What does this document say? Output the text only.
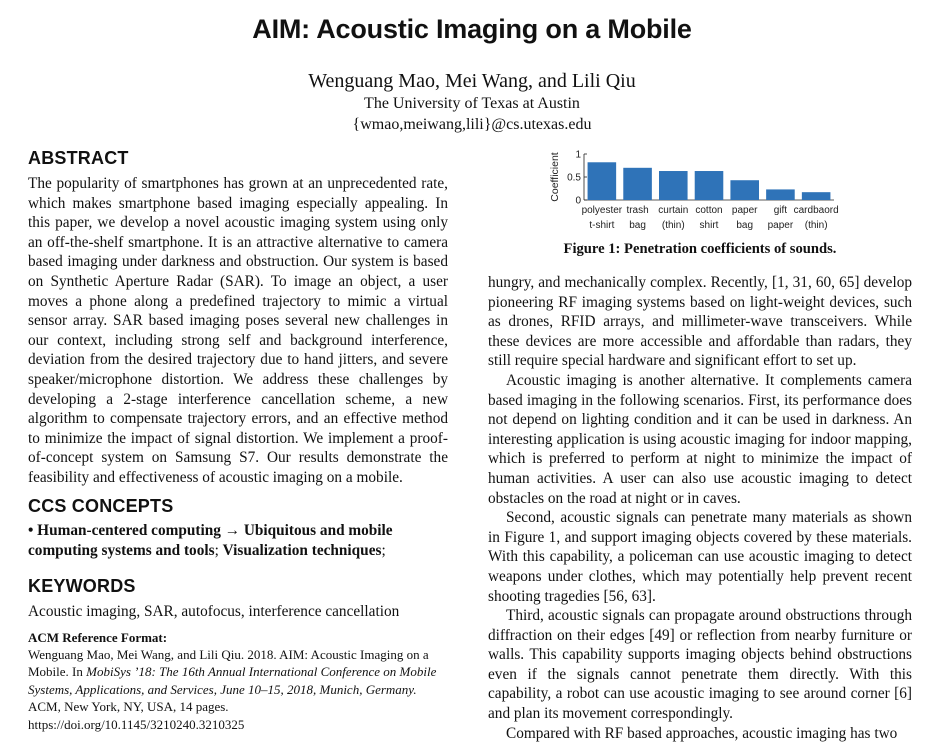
AIM: Acoustic Imaging on a Mobile
Wenguang Mao, Mei Wang, and Lili Qiu
The University of Texas at Austin
{wmao,meiwang,lili}@cs.utexas.edu
ABSTRACT

The popularity of smartphones has grown at an unprecedented rate, which makes smartphone based imaging especially appealing. In this paper, we develop a novel acoustic imaging system using only an off-the-shelf smartphone. It is an attractive alternative to camera based imaging under darkness and obstruction. Our system is based on Synthetic Aperture Radar (SAR). To image an object, a user moves a phone along a predefined trajectory to mimic a virtual sensor array. SAR based imaging poses several new challenges in our context, including strong self and background interference, deviation from the desired trajectory due to hand jitters, and severe speaker/microphone distortion. We address these challenges by developing a 2-stage interference cancellation scheme, a new algorithm to compensate trajectory errors, and an effective method to minimize the impact of signal distortion. We implement a proof-of-concept system on Samsung S7. Our results demonstrate the feasibility and effectiveness of acoustic imaging on a mobile.

CCS CONCEPTS

• Human-centered computing → Ubiquitous and mobile computing systems and tools; Visualization techniques;

KEYWORDS

Acoustic imaging, SAR, autofocus, interference cancellation

ACM Reference Format:

Wenguang Mao, Mei Wang, and Lili Qiu. 2018. AIM: Acoustic Imaging on a Mobile. In MobiSys ’18: The 16th Annual International Conference on Mobile Systems, Applications, and Services, June 10–15, 2018, Munich, Germany. ACM, New York, NY, USA, 14 pages. https://doi.org/10.1145/3210240.3210325

0
0.5
1
Coefficient
polyester
t-shirt
trash
bag
curtain
(thin)
cotton
shirt
paper
bag
gift
paper
cardbaord
(thin)
Figure 1: Penetration coefficients of sounds.

hungry, and mechanically complex. Recently, [1, 31, 60, 65] develop pioneering RF imaging systems based on light-weight devices, such as drones, RFID arrays, and millimeter-wave transceivers. While these devices are more accessible and affordable than radars, they still require special hardware and significant effort to set up.

Acoustic imaging is another alternative. It complements camera based imaging in the following scenarios. First, its performance does not depend on lighting condition and it can be used in darkness. An interesting application is using acoustic imaging for indoor mapping, which is preferred to perform at night to minimize the impact of human activities. A user can also use acoustic imaging to detect obstacles on the road at night or in caves.

Second, acoustic signals can penetrate many materials as shown in Figure 1, and support imaging objects covered by these materials. With this capability, a policeman can use acoustic imaging to detect weapons under clothes, which may potentially help prevent recent shooting tragedies [56, 63].

Third, acoustic signals can propagate around obstructions through diffraction on their edges [49] or reflection from nearby furniture or walls. This capability supports imaging objects behind obstructions even if the signals cannot penetrate them directly. With this capability, a robot can use acoustic imaging to see around corner [6] and plan its movement correspondingly.

Compared with RF based approaches, acoustic imaging has two
